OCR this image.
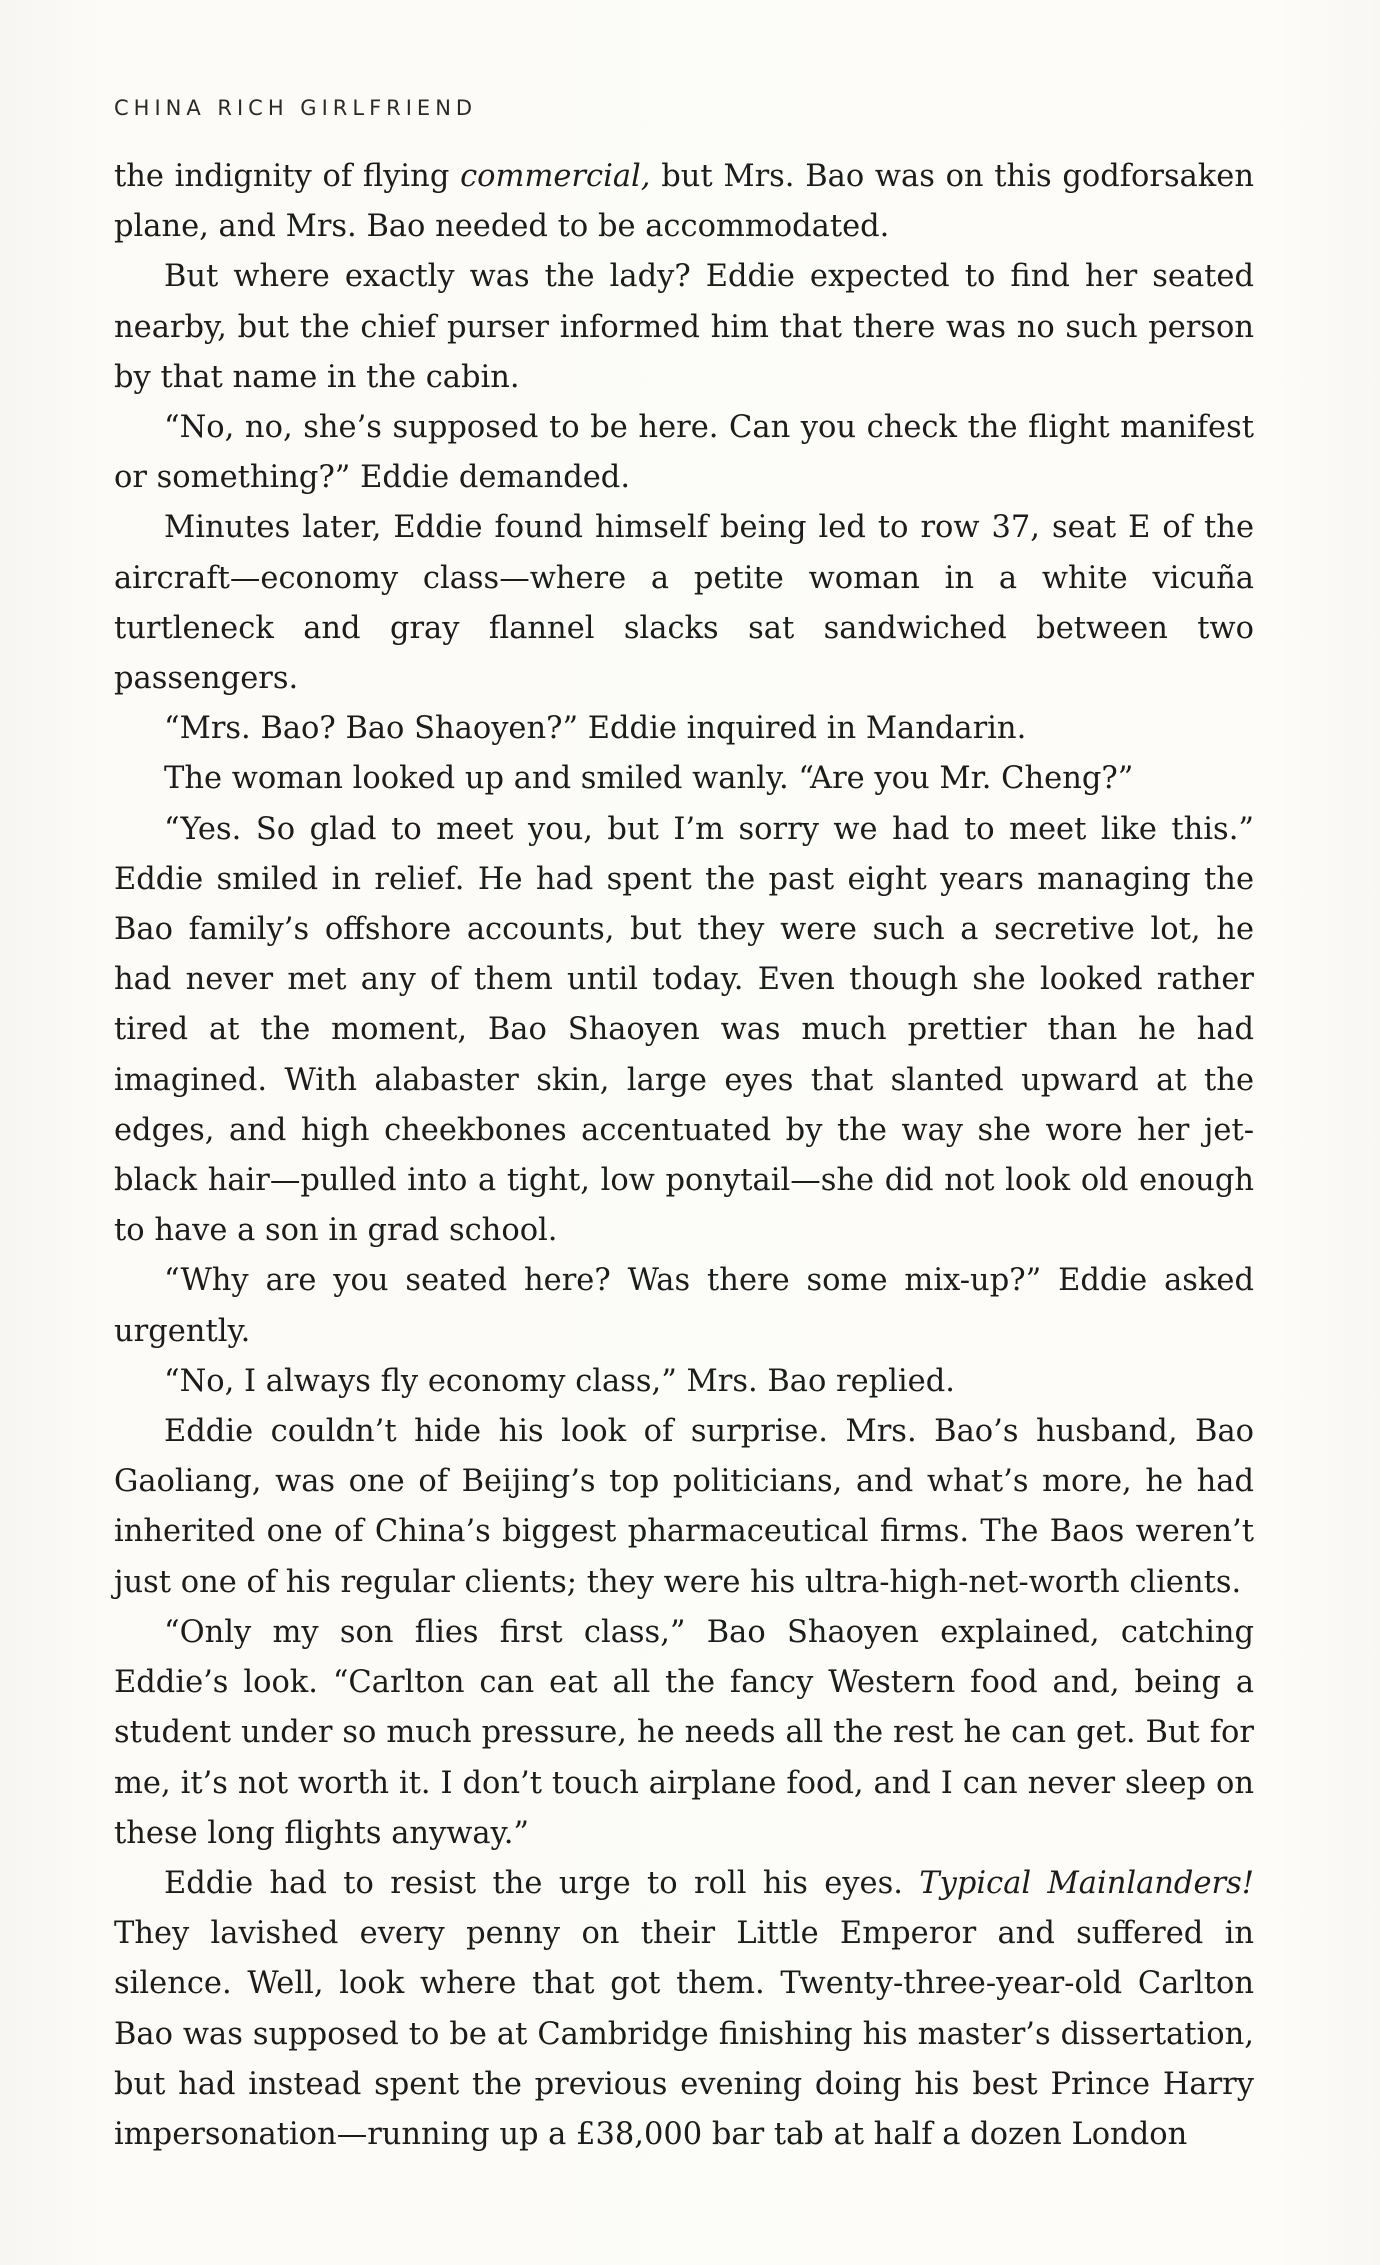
CHINA RICH GIRLFRIEND

the indignity of flying commercial, but Mrs. Bao was on this godforsaken plane, and Mrs. Bao needed to be accommodated.

But where exactly was the lady? Eddie expected to find her seated nearby, but the chief purser informed him that there was no such person by that name in the cabin.

“No, no, she’s supposed to be here. Can you check the flight manifest or something?” Eddie demanded.

Minutes later, Eddie found himself being led to row 37, seat E of the aircraft—economy class—where a petite woman in a white vicuña turtleneck and gray flannel slacks sat sandwiched between two passengers.

“Mrs. Bao? Bao Shaoyen?” Eddie inquired in Mandarin.

The woman looked up and smiled wanly. “Are you Mr. Cheng?”

“Yes. So glad to meet you, but I’m sorry we had to meet like this.” Eddie smiled in relief. He had spent the past eight years managing the Bao family’s offshore accounts, but they were such a secretive lot, he had never met any of them until today. Even though she looked rather tired at the moment, Bao Shaoyen was much prettier than he had imagined. With alabaster skin, large eyes that slanted upward at the edges, and high cheekbones accentuated by the way she wore her jet-black hair—pulled into a tight, low ponytail—she did not look old enough to have a son in grad school.

“Why are you seated here? Was there some mix-up?” Eddie asked urgently.

“No, I always fly economy class,” Mrs. Bao replied.

Eddie couldn’t hide his look of surprise. Mrs. Bao’s husband, Bao Gaoliang, was one of Beijing’s top politicians, and what’s more, he had inherited one of China’s biggest pharmaceutical firms. The Baos weren’t just one of his regular clients; they were his ultra-high-net-worth clients.

“Only my son flies first class,” Bao Shaoyen explained, catching Eddie’s look. “Carlton can eat all the fancy Western food and, being a student under so much pressure, he needs all the rest he can get. But for me, it’s not worth it. I don’t touch airplane food, and I can never sleep on these long flights anyway.”

Eddie had to resist the urge to roll his eyes. Typical Mainlanders! They lavished every penny on their Little Emperor and suffered in silence. Well, look where that got them. Twenty-three-year-old Carlton Bao was supposed to be at Cambridge finishing his master’s dissertation, but had instead spent the previous evening doing his best Prince Harry impersonation—running up a £38,000 bar tab at half a dozen London
